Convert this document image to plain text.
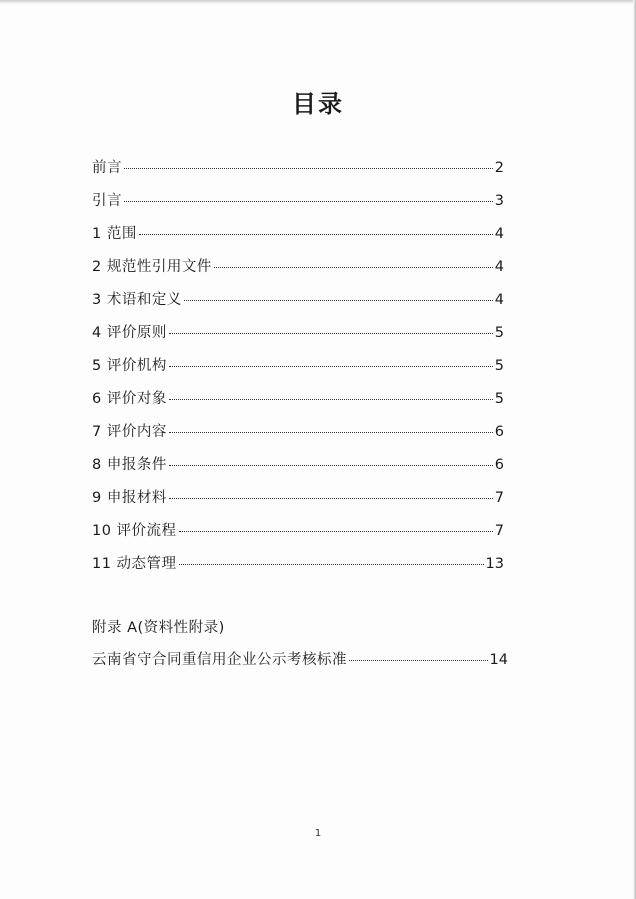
目录
前言	2
引言	3
1 范围	4
2 规范性引用文件	4
3 术语和定义	4
4 评价原则	5
5 评价机构	5
6 评价对象	5
7 评价内容	6
8 申报条件	6
9 申报材料	7
10 评价流程	7
11 动态管理	13
附录 A(资料性附录)
云南省守合同重信用企业公示考核标准	14
1
